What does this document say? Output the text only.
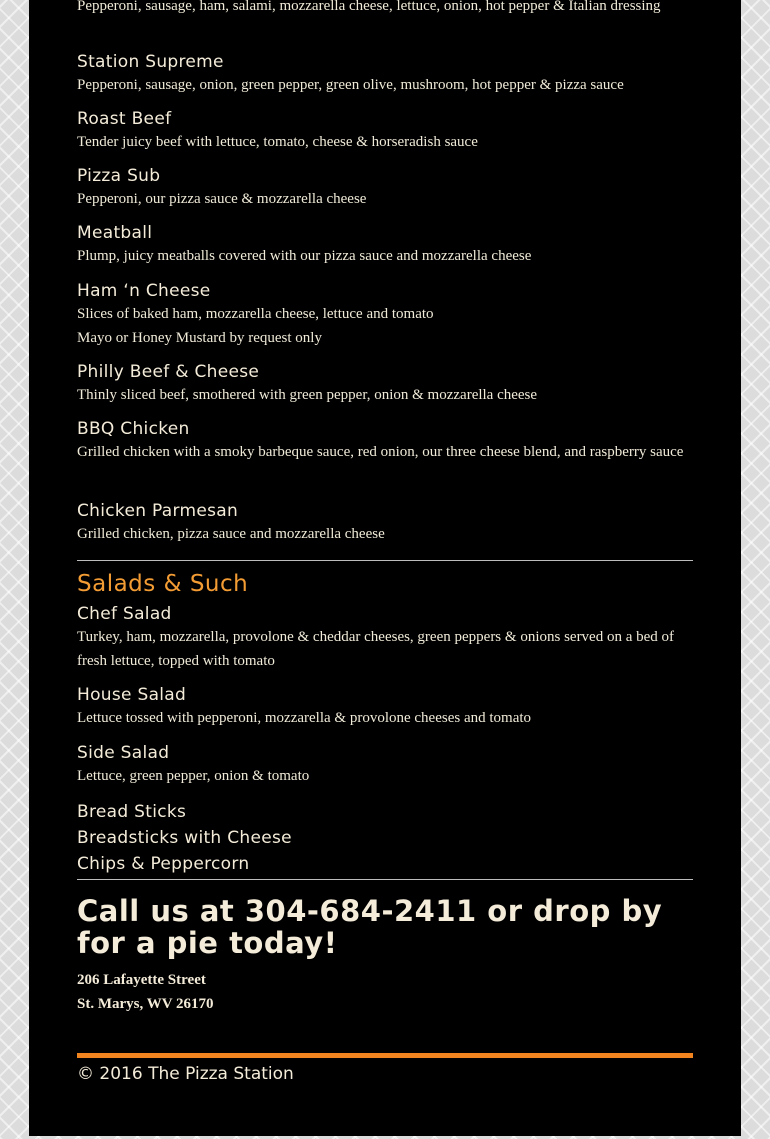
Pepperoni, sausage, ham, salami, mozzarella cheese, lettuce, onion, hot pepper & Italian dressing

Station Supreme

Pepperoni, sausage, onion, green pepper, green olive, mushroom, hot pepper & pizza sauce

Roast Beef

Tender juicy beef with lettuce, tomato, cheese & horseradish sauce

Pizza Sub

Pepperoni, our pizza sauce & mozzarella cheese

Meatball

Plump, juicy meatballs covered with our pizza sauce and mozzarella cheese

Ham ‘n Cheese

Slices of baked ham, mozzarella cheese, lettuce and tomato

Mayo or Honey Mustard by request only

Philly Beef & Cheese

Thinly sliced beef, smothered with green pepper, onion & mozzarella cheese

BBQ Chicken

Grilled chicken with a smoky barbeque sauce, red onion, our three cheese blend, and raspberry sauce

Chicken Parmesan

Grilled chicken, pizza sauce and mozzarella cheese

Salads & Such

Chef Salad

Turkey, ham, mozzarella, provolone & cheddar cheeses, green peppers & onions served on a bed of fresh lettuce, topped with tomato

House Salad

Lettuce tossed with pepperoni, mozzarella & provolone cheeses and tomato

Side Salad

Lettuce, green pepper, onion & tomato

Bread Sticks

Breadsticks with Cheese

Chips & Peppercorn

Call us at 304-684-2411 or drop by for a pie today!

206 Lafayette Street

St. Marys, WV 26170

© 2016 The Pizza Station
